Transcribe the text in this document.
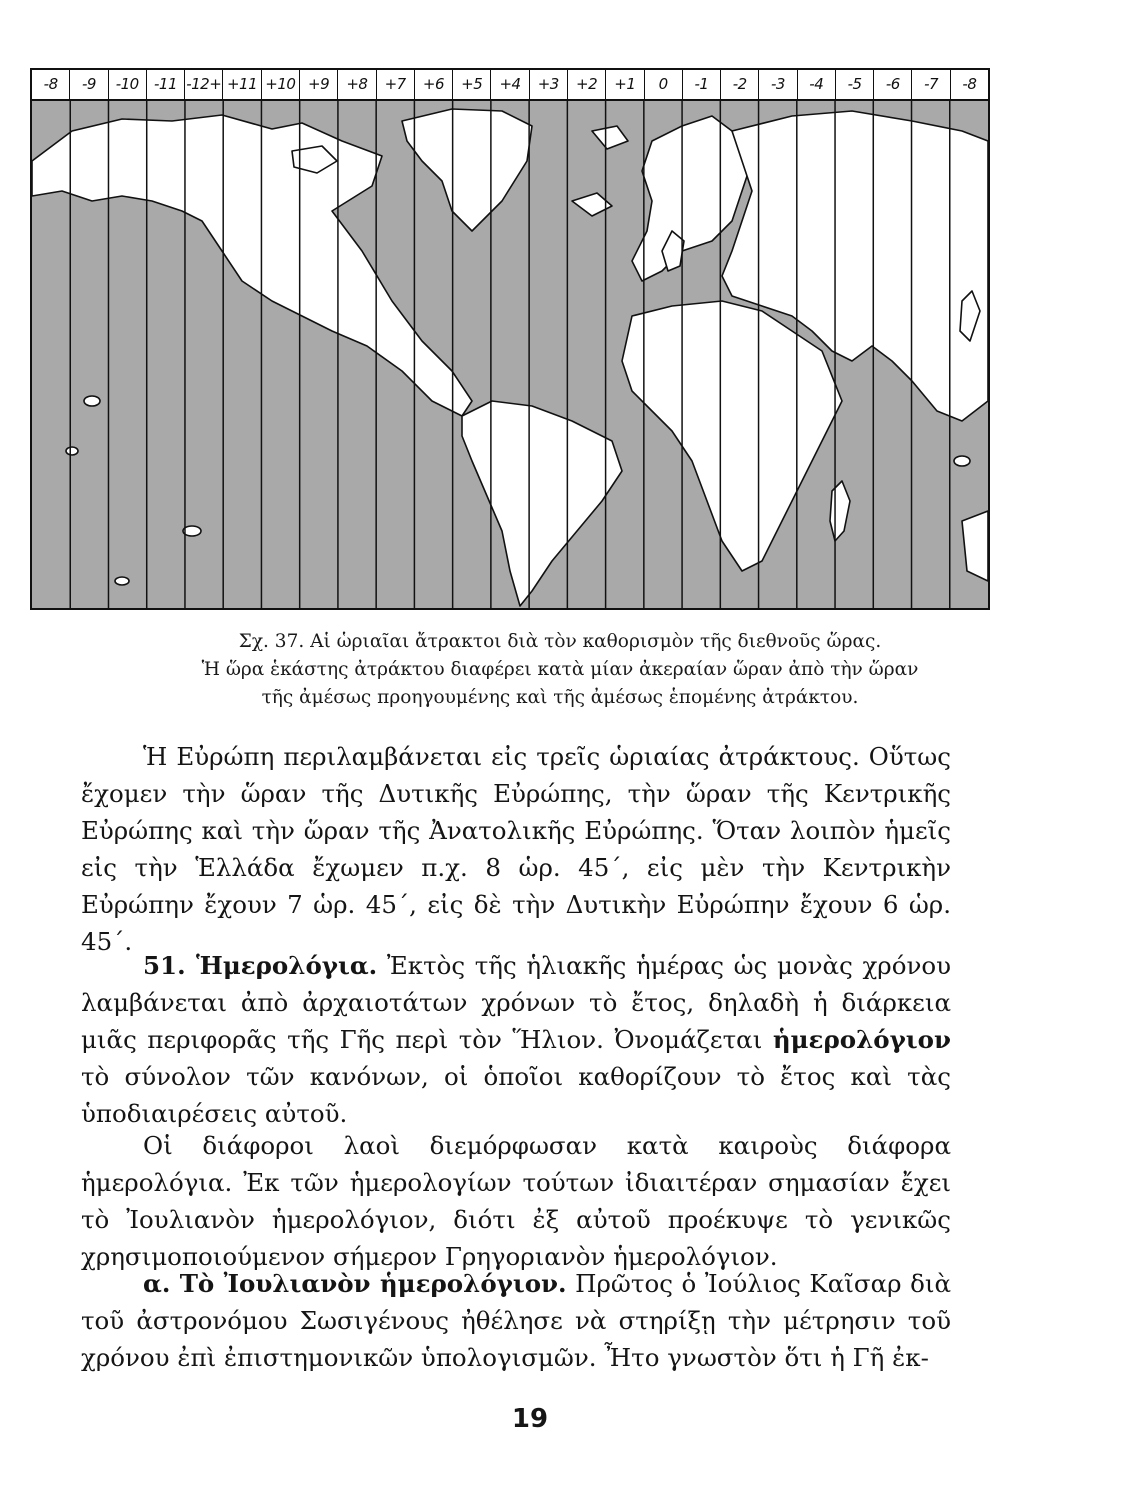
-8	-9	-10	-11 -12+ +11 +10 +9	+8	+7	+6	+5	+4	+3	+2	+1	0	-1	-2	-3	-4	-5	-6	-7	-8

Σχ. 37. Αἱ ὡριαῖαι ἄτρακτοι διὰ τὸν καθορισμὸν τῆς διεθνοῦς ὥρας.

Ἡ ὥρα ἑκάστης ἀτράκτου διαφέρει κατὰ μίαν ἀκεραίαν ὥραν ἀπὸ τὴν ὥραν

τῆς ἀμέσως προηγουμένης καὶ τῆς ἀμέσως ἑπομένης ἀτράκτου.

Ἡ Εὐρώπη περιλαμβάνεται εἰς τρεῖς ὡριαίας ἀτράκτους. Οὕτως ἔχομεν τὴν ὥραν τῆς Δυτικῆς Εὐρώπης, τὴν ὥραν τῆς Κεντρικῆς Εὐρώπης καὶ τὴν ὥραν τῆς Ἀνατολικῆς Εὐρώπης. Ὅταν λοιπὸν ἡμεῖς εἰς τὴν Ἑλλάδα ἔχωμεν π.χ. 8 ὡρ. 45΄, εἰς μὲν τὴν Κεντρικὴν Εὐρώπην ἔχουν 7 ὡρ. 45΄, εἰς δὲ τὴν Δυτικὴν Εὐρώπην ἔχουν 6 ὡρ. 45΄.

51. Ἡμερολόγια. Ἐκτὸς τῆς ἡλιακῆς ἡμέρας ὡς μονὰς χρόνου λαμβάνεται ἀπὸ ἀρχαιοτάτων χρόνων τὸ ἔτος, δηλαδὴ ἡ διάρκεια μιᾶς περιφορᾶς τῆς Γῆς περὶ τὸν Ἥλιον. Ὀνομάζεται ἡμερολόγιον τὸ σύνολον τῶν κανόνων, οἱ ὁποῖοι καθορίζουν τὸ ἔτος καὶ τὰς ὑποδιαιρέσεις αὐτοῦ.

Οἱ διάφοροι λαοὶ διεμόρφωσαν κατὰ καιροὺς διάφορα ἡμερολόγια. Ἐκ τῶν ἡμερολογίων τούτων ἰδιαιτέραν σημασίαν ἔχει τὸ Ἰουλιανὸν ἡμερολόγιον, διότι ἐξ αὐτοῦ προέκυψε τὸ γενικῶς χρησιμοποιούμενον σήμερον Γρηγοριανὸν ἡμερολόγιον.

α. Τὸ Ἰουλιανὸν ἡμερολόγιον. Πρῶτος ὁ Ἰούλιος Καῖσαρ διὰ τοῦ ἀστρονόμου Σωσιγένους ἠθέλησε νὰ στηρίξῃ τὴν μέτρησιν τοῦ χρόνου ἐπὶ ἐπιστημονικῶν ὑπολογισμῶν. Ἦτο γνωστὸν ὅτι ἡ Γῆ ἐκ-

19
